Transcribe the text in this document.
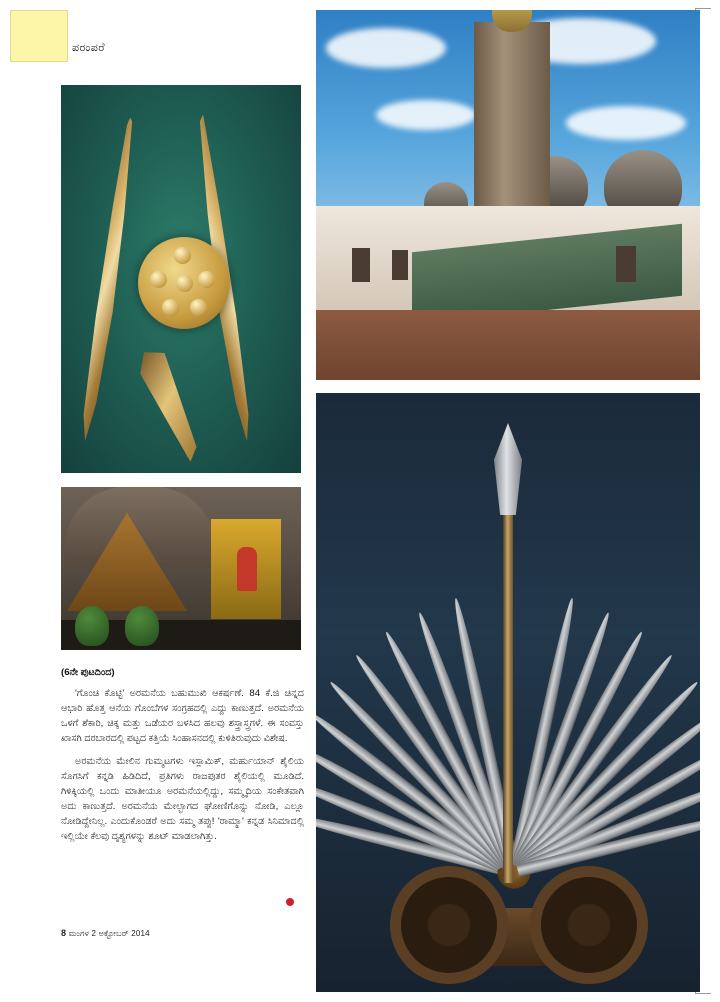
ಪರಂಪರೆ
(6ನೇ ಪುಟದಿಂದ)

'ಗೊಂಚಿ ಕೊಟ್ಟಿ' ಅರಮನೆಯ ಬಹುಮುಖಿ ಆಕರ್ಷಣೆ. 84 ಕೆ.ಜಿ ಚಿನ್ನದ ಆಭಾರಿ ಹೊತ್ತ ಆನೆಯ ಗೊಂಬೆಗಳ ಸಂಗ್ರಹದಲ್ಲಿ ಎದ್ದು ಕಾಣುತ್ತದೆ. ಅರಮನೆಯ ಒಳಗೆ ಶೆಕಾರಿ, ಚಿಕ್ಕ ಮತ್ತು ಒಡೆಯರ ಬಳಸಿದ ಹಲವು ಶಸ್ತ್ರಾಸ್ತ್ರಗಳೆ. ಈ ಸಂವಸ್ತು ಖಾಸಗಿ ದರಬಾರದಲ್ಲಿ ಪಟ್ಟದ ಕತ್ತಿಯೆ ಸಿಂಹಾಸನದಲ್ಲಿ ಕುಳಿತಿರುವುದು ವಿಶೇಷ.

ಅರಮನೆಯ ಮೇಲಿನ ಗುಮ್ಮಟಗಳು ಇಸ್ಲಾಮಿಕ್, ಮರ್ಹುಯಾನ್ ಶೈಲಿಯ ಸೊಗಸಿಗೆ ಕನ್ನಡಿ ಹಿಡಿದಿದೆ, ಪ್ರತಿಗಳು ರಾಜಪುತರ ಶೈಲಿಯಲ್ಲಿ ಮೂಡಿದೆ. ಗಿಳಿಕ್ಕಿಯಲ್ಲಿ ಒಂದು ಮಾತೀಯೂ ಅರಮನೆಯಲ್ಲಿದ್ದು, ಸಮ್ಮೃದಿಯ ಸಂಕೇತವಾಗಿ ಅದು ಕಾಣುತ್ತದೆ. ಅರಮನೆಯ ಮೇಲ್ಭಾಗದ ಘೋಣಿಗೊನ್ನು ನೋಡಿ, ಎಲ್ಲೂ ನೋಡಿದ್ದೇನಿಲ್ಲ. ಎಂದುಕೊಂಡರೆ ಅದು ಸಮ್ಮ ತಪ್ಪು! 'ರಾಮ್ಮಾ' ಕನ್ನಡ ಸಿನಿಮಾದಲ್ಲಿ ಇಲ್ಲಿಯೇ ಕೆಲವು ದೃಶ್ಯಗಳನ್ನು ಶೂಟ್ ಮಾಡಲಾಗಿತ್ತು.

8 ಮಂಗಳ 2 ಅಕ್ಟೋಬರ್ 2014
